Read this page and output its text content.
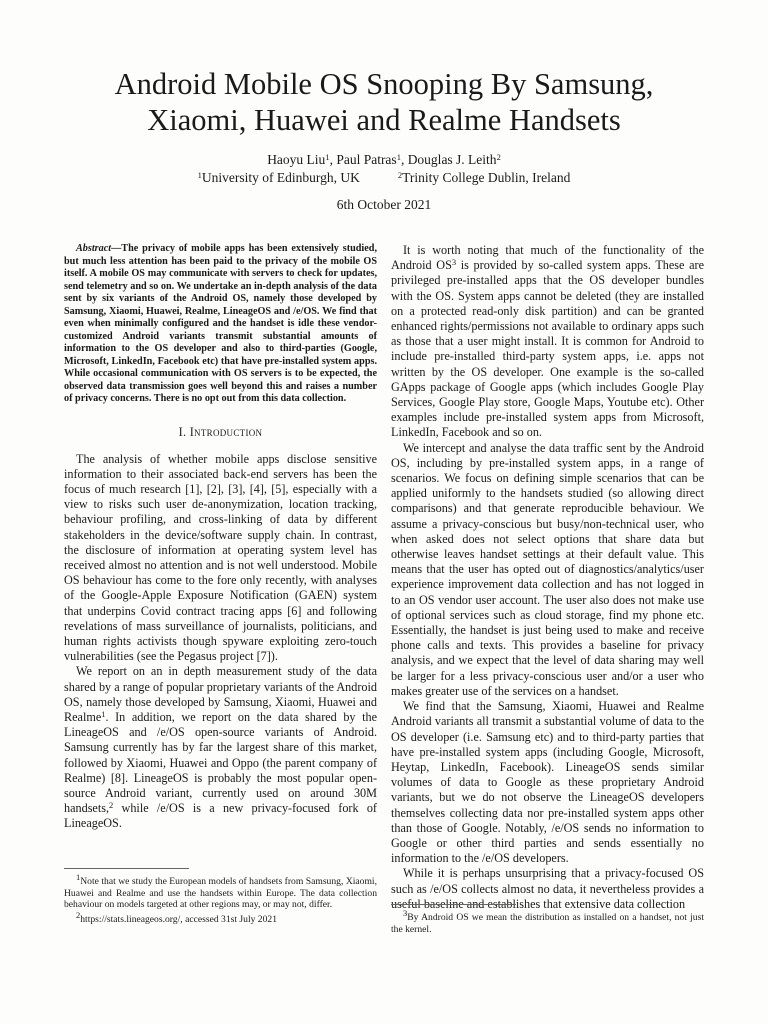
Android Mobile OS Snooping By Samsung,
Xiaomi, Huawei and Realme Handsets
Haoyu Liu$^1$, Paul Patras$^1$, Douglas J. Leith$^2$
$^1$University of Edinburgh, UK	$^2$Trinity College Dublin, Ireland
6th October 2021

Abstract—The privacy of mobile apps has been extensively studied, but much less attention has been paid to the privacy of the mobile OS itself. A mobile OS may communicate with servers to check for updates, send telemetry and so on. We undertake an in-depth analysis of the data sent by six variants of the Android OS, namely those developed by Samsung, Xiaomi, Huawei, Realme, LineageOS and /e/OS. We find that even when minimally configured and the handset is idle these vendor-customized Android variants transmit substantial amounts of information to the OS developer and also to third-parties (Google, Microsoft, LinkedIn, Facebook etc) that have pre-installed system apps. While occasional communication with OS servers is to be expected, the observed data transmission goes well beyond this and raises a number of privacy concerns. There is no opt out from this data collection.

I. Introduction

The analysis of whether mobile apps disclose sensitive information to their associated back-end servers has been the focus of much research [1], [2], [3], [4], [5], especially with a view to risks such user de-anonymization, location tracking, behaviour profiling, and cross-linking of data by different stakeholders in the device/software supply chain. In contrast, the disclosure of information at operating system level has received almost no attention and is not well understood. Mobile OS behaviour has come to the fore only recently, with analyses of the Google-Apple Exposure Notification (GAEN) system that underpins Covid contract tracing apps [6] and following revelations of mass surveillance of journalists, politicians, and human rights activists though spyware exploiting zero-touch vulnerabilities (see the Pegasus project [7]).

We report on an in depth measurement study of the data shared by a range of popular proprietary variants of the Android OS, namely those developed by Samsung, Xiaomi, Huawei and Realme$^1$. In addition, we report on the data shared by the LineageOS and /e/OS open-source variants of Android. Samsung currently has by far the largest share of this market, followed by Xiaomi, Huawei and Oppo (the parent company of Realme) [8]. LineageOS is probably the most popular open-source Android variant, currently used on around 30M handsets,$^2$ while /e/OS is a new privacy-focused fork of LineageOS.

$^1$Note that we study the European models of handsets from Samsung, Xiaomi, Huawei and Realme and use the handsets within Europe. The data collection behaviour on models targeted at other regions may, or may not, differ.

$^2$https://stats.lineageos.org/, accessed 31st July 2021

It is worth noting that much of the functionality of the Android $OS^3$ is provided by so-called system apps. These are privileged pre-installed apps that the OS developer bundles with the OS. System apps cannot be deleted (they are installed on a protected read-only disk partition) and can be granted enhanced rights/permissions not available to ordinary apps such as those that a user might install. It is common for Android to include pre-installed third-party system apps, i.e. apps not written by the OS developer. One example is the so-called GApps package of Google apps (which includes Google Play Services, Google Play store, Google Maps, Youtube etc). Other examples include pre-installed system apps from Microsoft, LinkedIn, Facebook and so on.

We intercept and analyse the data traffic sent by the Android OS, including by pre-installed system apps, in a range of scenarios. We focus on defining simple scenarios that can be applied uniformly to the handsets studied (so allowing direct comparisons) and that generate reproducible behaviour. We assume a privacy-conscious but busy/non-technical user, who when asked does not select options that share data but otherwise leaves handset settings at their default value. This means that the user has opted out of diagnostics/analytics/user experience improvement data collection and has not logged in to an OS vendor user account. The user also does not make use of optional services such as cloud storage, find my phone etc. Essentially, the handset is just being used to make and receive phone calls and texts. This provides a baseline for privacy analysis, and we expect that the level of data sharing may well be larger for a less privacy-conscious user and/or a user who makes greater use of the services on a handset.

We find that the Samsung, Xiaomi, Huawei and Realme Android variants all transmit a substantial volume of data to the OS developer (i.e. Samsung etc) and to third-party parties that have pre-installed system apps (including Google, Microsoft, Heytap, LinkedIn, Facebook). LineageOS sends similar volumes of data to Google as these proprietary Android variants, but we do not observe the LineageOS developers themselves collecting data nor pre-installed system apps other than those of Google. Notably, /e/OS sends no information to Google or other third parties and sends essentially no information to the /e/OS developers.

While it is perhaps unsurprising that a privacy-focused OS such as /e/OS collects almost no data, it nevertheless provides a useful baseline and establishes that extensive data collection

$^3$By Android OS we mean the distribution as installed on a handset, not just the kernel.
